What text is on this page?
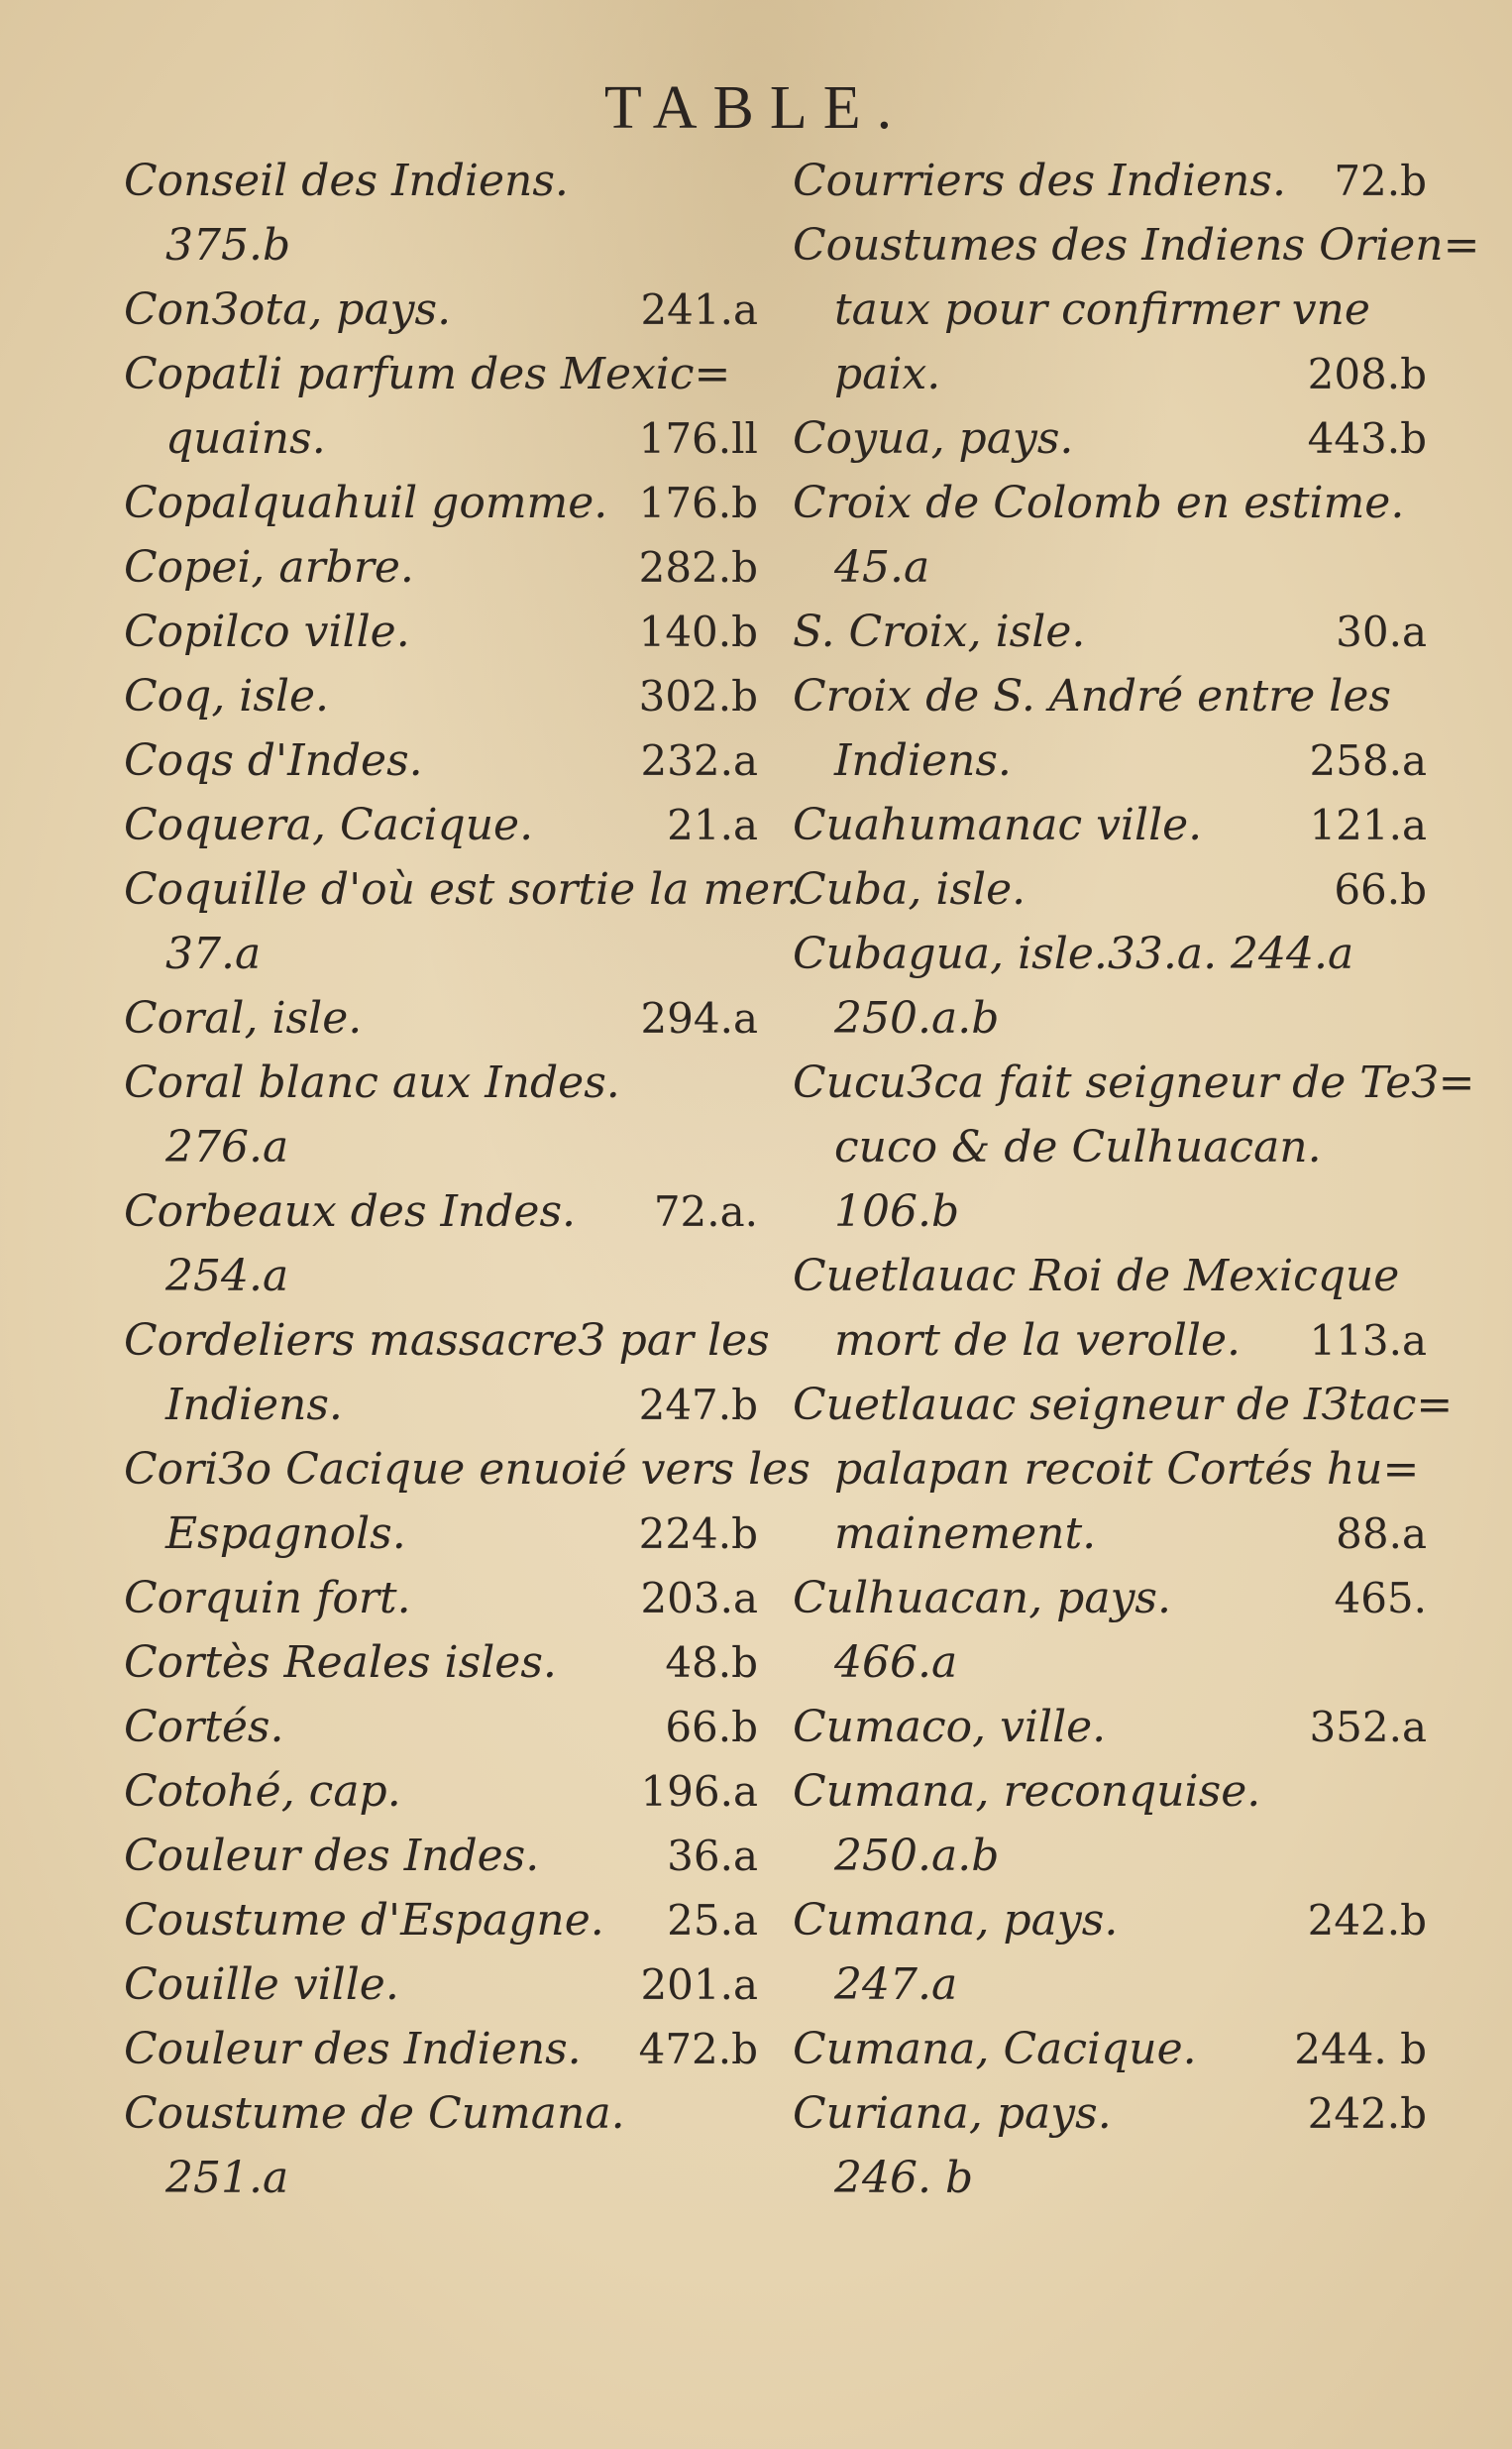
TABLE.
Conseil des Indiens.
375.b
ConЗota, pays.	241.a
Copatli parfum des Mexic=
quains.	176.ll
Copalquahuil gomme. 176.b
Copei, arbre.	282.b
Copilco ville.	140.b
Coq, isle.	302.b
Coqs d'Indes.	232.a
Coquera, Cacique.	21.a
Coquille d'où est sortie la mer.
37.a
Coral, isle.	294.a
Coral blanc aux Indes.
276.a
Corbeaux des Indes. 72.a.
254.a
Cordeliers massacreЗ par les
Indiens.	247.b
CoriЗo Cacique enuoié vers les
Espagnols.	224.b
Corquin fort.	203.a
Cortès Reales isles.	48.b
Cortés.	66.b
Cotohé, cap.	196.a
Couleur des Indes.	36.a
Coustume d'Espagne. 25.a
Couille ville.	201.a
Couleur des Indiens. 472.b
Coustume de Cumana.
251.a
Courriers des Indiens. 72.b
Coustumes des Indiens Orien=
taux pour confirmer vne
paix.	208.b
Coyua, pays.	443.b
Croix de Colomb en estime.
45.a
S. Croix, isle.	30.a
Croix de S. André entre les
Indiens.	258.a
Cuahumanac ville.	121.a
Cuba, isle.	66.b
Cubagua, isle.33.a. 244.a
250.a.b
CucuЗca fait seigneur de TeЗ=
cuco & de Culhuacan.
106.b
Cuetlauac Roi de Mexicque
mort de la verolle. 113.a
Cuetlauac seigneur de IЗtac=
palapan recoit Cortés hu=
mainement.	88.a
Culhuacan, pays.	465.
466.a
Cumaco, ville.	352.a
Cumana, reconquise.
250.a.b
Cumana, pays.	242.b
247.a
Cumana, Cacique. 244. b
Curiana, pays.	242.b
246. b
